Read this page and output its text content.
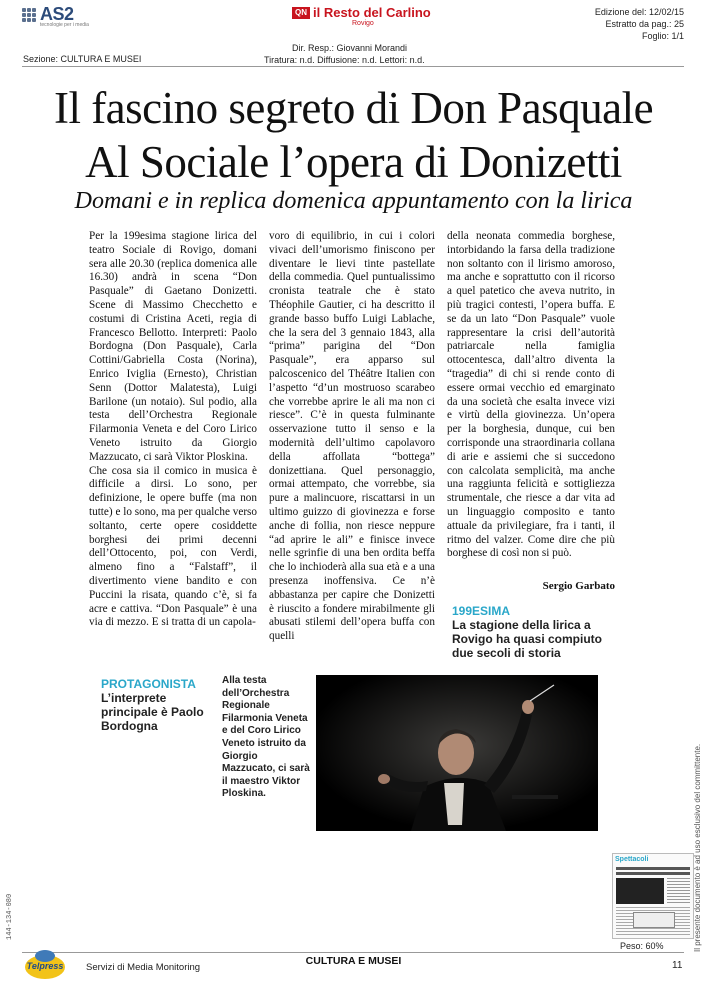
AS2
tecnologie per i media
Sezione: CULTURA E MUSEI
QN il Resto del Carlino
Rovigo
Dir. Resp.: Giovanni Morandi
Tiratura: n.d. Diffusione: n.d. Lettori: n.d.
Edizione del: 12/02/15
Estratto da pag.: 25
Foglio: 1/1
Il fascino segreto di Don Pasquale
Al Sociale l’opera di Donizetti
Domani e in replica domenica appuntamento con la lirica

Per la 199esima stagione lirica del teatro Sociale di Rovigo, domani sera alle 20.30 (replica domenica alle 16.30) andrà in scena “Don Pasquale” di Gaetano Donizetti. Scene di Massimo Checchetto e costumi di Cristina Aceti, regia di Francesco Bellotto. Interpreti: Paolo Bordogna (Don Pasquale), Carla Cottini/Gabriella Costa (Norina), Enrico Iviglia (Ernesto), Christian Senn (Dottor Malatesta), Luigi Barilone (un notaio). Sul podio, alla testa dell’Orchestra Regionale Filarmonia Veneta e del Coro Lirico Veneto istruito da Giorgio Mazzucato, ci sarà Viktor Ploskina.

Che cosa sia il comico in musica è difficile a dirsi. Lo sono, per definizione, le opere buffe (ma non tutte) e lo sono, ma per qualche verso soltanto, certe opere cosiddette borghesi dei primi decenni dell’Ottocento, poi, con Verdi, almeno fino a “Falstaff”, il divertimento viene bandito e con Puccini la risata, quando c’è, si fa acre e cattiva. “Don Pasquale” è una via di mezzo. E si tratta di un capola-

voro di equilibrio, in cui i colori vivaci dell’umorismo finiscono per diventare le lievi tinte pastellate della commedia. Quel puntualissimo cronista teatrale che è stato Théophile Gautier, ci ha descritto il grande basso buffo Luigi Lablache, che la sera del 3 gennaio 1843, alla “prima” parigina del “Don Pasquale”, era apparso sul palcoscenico del Théâtre Italien con l’aspetto “d’un mostruoso scarabeo che vorrebbe aprire le ali ma non ci riesce”. C’è in questa fulminante osservazione tutto il senso e la modernità dell’ultimo capolavoro della affollata “bottega” donizettiana. Quel personaggio, ormai attempato, che vorrebbe, sia pure a malincuore, riscattarsi in un ultimo guizzo di giovinezza e forse anche di follia, non riesce neppure “ad aprire le ali” e finisce invece nelle sgrinfie di una ben ordita beffa che lo inchioderà alla sua età e a una presenza inoffensiva. Ce n’è abbastanza per capire che Donizetti è riuscito a fondere mirabilmente gli abusati stilemi dell’opera buffa con quelli
della neonata commedia borghese, intorbidando la farsa della tradizione non soltanto con il lirismo amoroso, ma anche e soprattutto con il ricorso a quel patetico che aveva nutrito, in più tragici contesti, l’opera buffa. E se da un lato “Don Pasquale” vuole rappresentare la crisi dell’autorità patriarcale nella famiglia ottocentesca, dall’altro diventa la “tragedia” di chi si rende conto di essere ormai vecchio ed emarginato da una società che esalta invece vizi e virtù della giovinezza. Un’opera per la borghesia, dunque, cui ben corrisponde una straordinaria collana di arie e assiemi che si succedono con calcolata semplicità, ma anche una raggiunta felicità e sottigliezza strumentale, che riesce a dar vita ad un linguaggio composito e tanto attuale da privilegiare, fra i tanti, il ritmo del valzer. Come dire che più borghese di così non si può.
Sergio Garbato
199ESIMA
La stagione della lirica a Rovigo ha quasi compiuto due secoli di storia
PROTAGONISTA
L’interprete principale è Paolo Bordogna
Alla testa dell’Orchestra Regionale Filarmonia Veneta e del Coro Lirico Veneto istruito da Giorgio Mazzucato, ci sarà il maestro Viktor Ploskina.
Spettacoli
Peso: 60%
144-134-080	Il presente documento è ad uso esclusivo del committente.
Telpress Servizi di Media Monitoring
CULTURA E MUSEI	11
